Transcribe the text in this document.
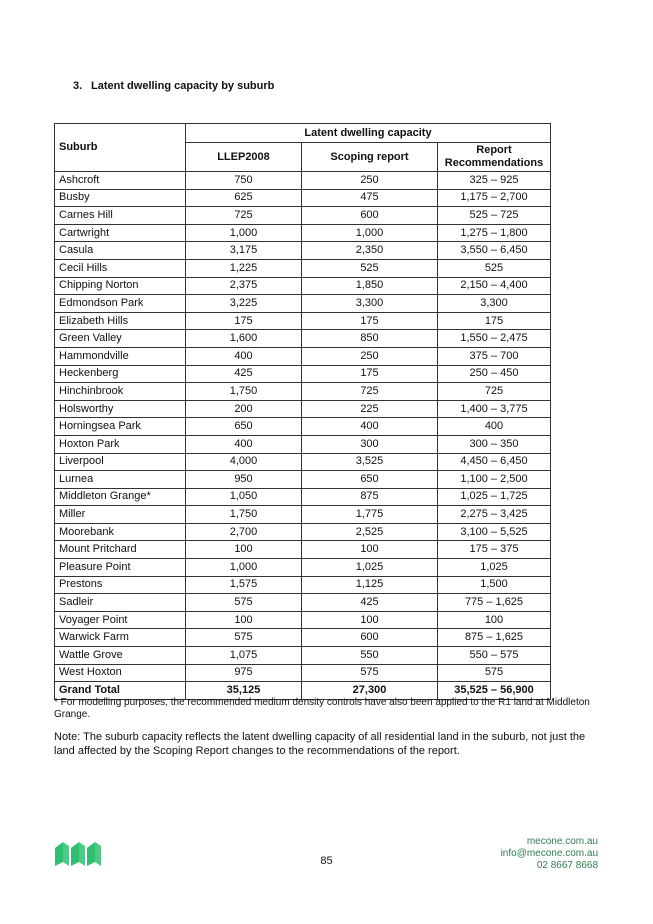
3. Latent dwelling capacity by suburb
Suburb	Latent dwelling capacity		
	LLEP2008	Scoping report	Report Recommendations
Ashcroft	750	250	325 – 925
Busby	625	475	1,175 – 2,700
Carnes Hill	725	600	525 – 725
Cartwright	1,000	1,000	1,275 – 1,800
Casula	3,175	2,350	3,550 – 6,450
Cecil Hills	1,225	525	525
Chipping Norton	2,375	1,850	2,150 – 4,400
Edmondson Park	3,225	3,300	3,300
Elizabeth Hills	175	175	175
Green Valley	1,600	850	1,550 – 2,475
Hammondville	400	250	375 – 700
Heckenberg	425	175	250 – 450
Hinchinbrook	1,750	725	725
Holsworthy	200	225	1,400 – 3,775
Horningsea Park	650	400	400
Hoxton Park	400	300	300 – 350
Liverpool	4,000	3,525	4,450 – 6,450
Lurnea	950	650	1,100 – 2,500
Middleton Grange*	1,050	875	1,025 – 1,725
Miller	1,750	1,775	2,275 – 3,425
Moorebank	2,700	2,525	3,100 – 5,525
Mount Pritchard	100	100	175 – 375
Pleasure Point	1,000	1,025	1,025
Prestons	1,575	1,125	1,500
Sadleir	575	425	775 – 1,625
Voyager Point	100	100	100
Warwick Farm	575	600	875 – 1,625
Wattle Grove	1,075	550	550 – 575
West Hoxton	975	575	575
Grand Total	35,125	27,300	35,525 – 56,900
* For modelling purposes, the recommended medium density controls have also been applied to the R1 land at Middleton Grange.
Note: The suburb capacity reflects the latent dwelling capacity of all residential land in the suburb, not just the land affected by the Scoping Report changes to the recommendations of the report.
85
mecone.com.au
info@mecone.com.au
02 8667 8668
